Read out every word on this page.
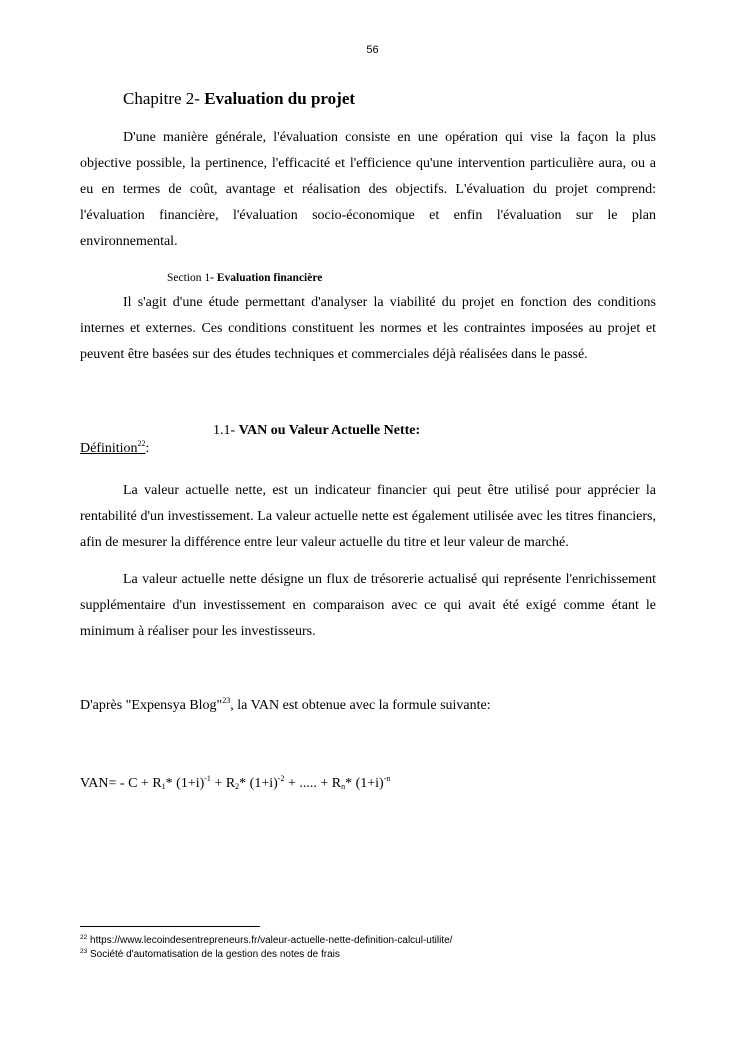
56
Chapitre 2- Evaluation du projet
D'une manière générale, l'évaluation consiste en une opération qui vise la façon la plus objective possible, la pertinence, l'efficacité et l'efficience qu'une intervention particulière aura, ou a eu en termes de coût, avantage et réalisation des objectifs. L'évaluation du projet comprend: l'évaluation financière, l'évaluation socio-économique et enfin l'évaluation sur le plan environnemental.
Section 1- Evaluation financière
Il s'agit d'une étude permettant d'analyser la viabilité du projet en fonction des conditions internes et externes. Ces conditions constituent les normes et les contraintes imposées au projet et peuvent être basées sur des études techniques et commerciales déjà réalisées dans le passé.
1.1- VAN ou Valeur Actuelle Nette:
Définition$^{22}$:
La valeur actuelle nette, est un indicateur financier qui peut être utilisé pour apprécier la rentabilité d'un investissement. La valeur actuelle nette est également utilisée avec les titres financiers, afin de mesurer la différence entre leur valeur actuelle du titre et leur valeur de marché.
La valeur actuelle nette désigne un flux de trésorerie actualisé qui représente l'enrichissement supplémentaire d'un investissement en comparaison avec ce qui avait été exigé comme étant le minimum à réaliser pour les investisseurs.
D'après "Expensya Blog"$^{23}$, la VAN est obtenue avec la formule suivante:
$VAN= - C + R_1*$ $(1+i)^{-1} + R_2*$ $(1+i)^{-2}$ + ..... + $R_n*$ $(1+i)^{-n}$
$^{22}$ https://www.lecoindesentrepreneurs.fr/valeur-actuelle-nette-definition-calcul-utilite/
$^{23}$ Société d'automatisation de la gestion des notes de frais
